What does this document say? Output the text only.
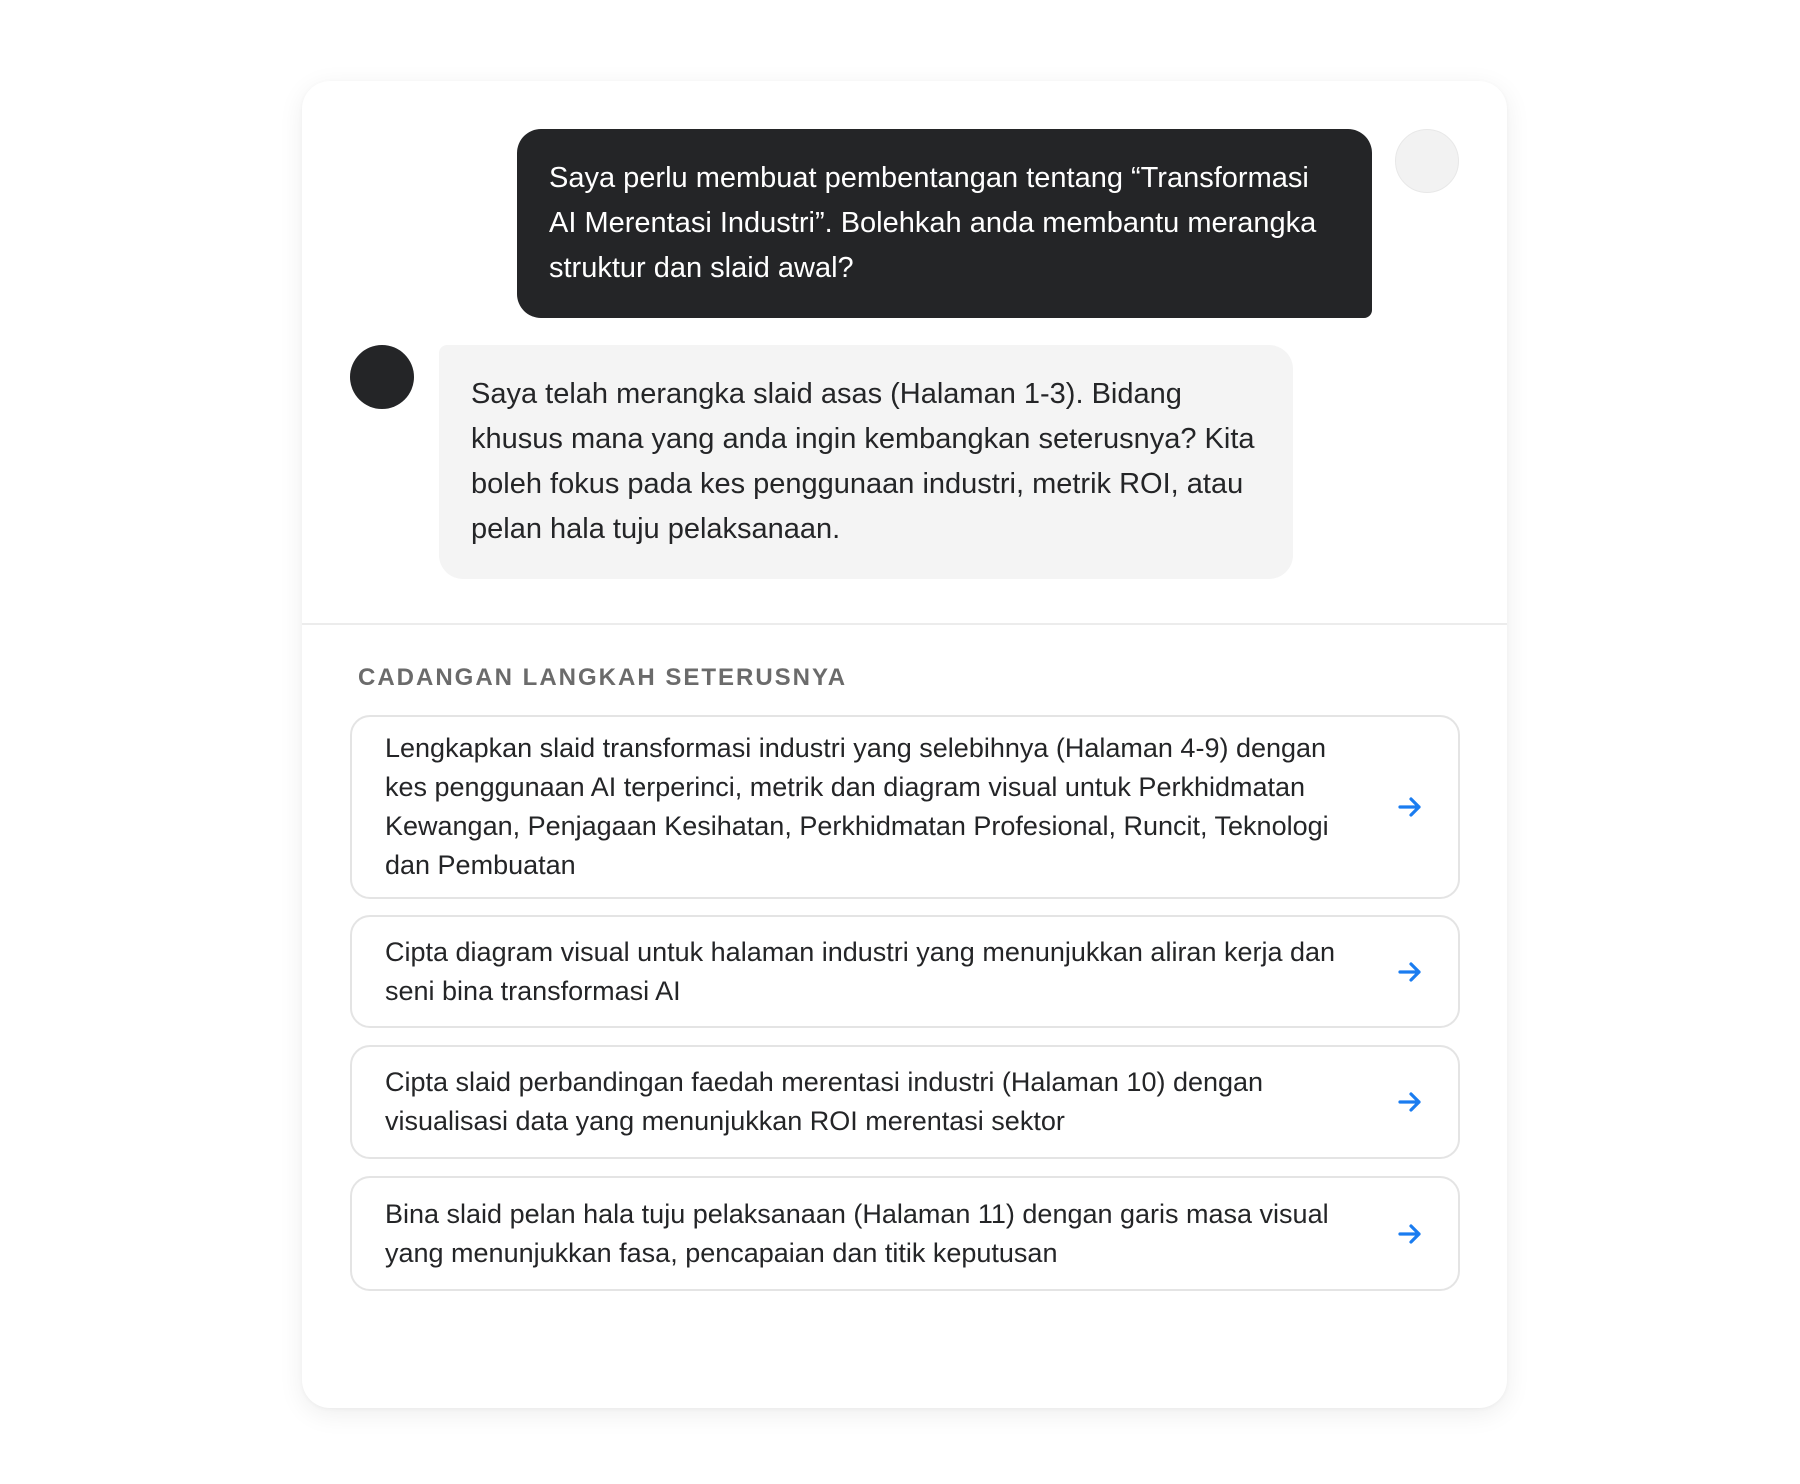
Saya perlu membuat pembentangan tentang “Transformasi AI Merentasi Industri”. Bolehkah anda membantu merangka struktur dan slaid awal?
Saya telah merangka slaid asas (Halaman 1-3). Bidang khusus mana yang anda ingin kembangkan seterusnya? Kita boleh fokus pada kes penggunaan industri, metrik ROI, atau pelan hala tuju pelaksanaan.
CADANGAN LANGKAH SETERUSNYA
Lengkapkan slaid transformasi industri yang selebihnya (Halaman 4-9) dengan kes penggunaan AI terperinci, metrik dan diagram visual untuk Perkhidmatan Kewangan, Penjagaan Kesihatan, Perkhidmatan Profesional, Runcit, Teknologi dan Pembuatan
Cipta diagram visual untuk halaman industri yang menunjukkan aliran kerja dan seni bina transformasi AI
Cipta slaid perbandingan faedah merentasi industri (Halaman 10) dengan visualisasi data yang menunjukkan ROI merentasi sektor
Bina slaid pelan hala tuju pelaksanaan (Halaman 11) dengan garis masa visual yang menunjukkan fasa, pencapaian dan titik keputusan
